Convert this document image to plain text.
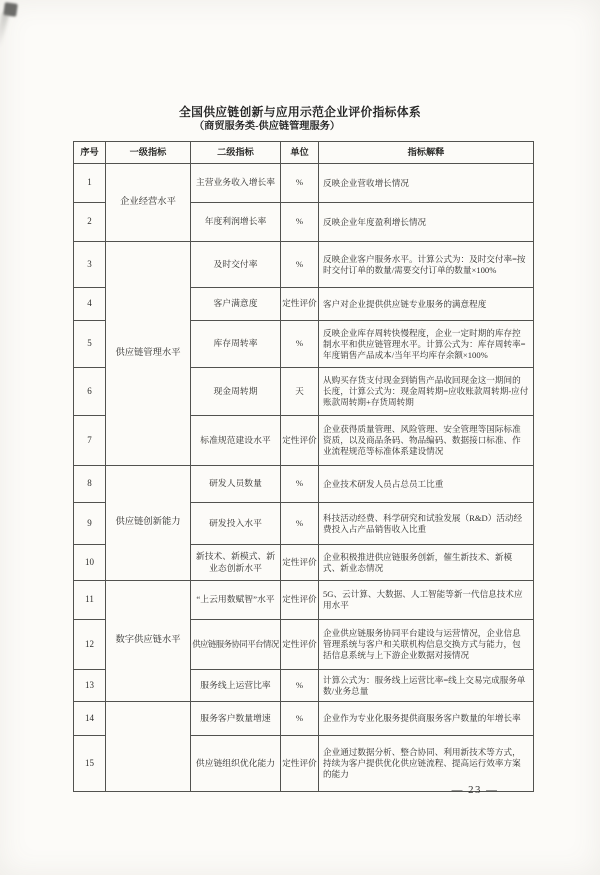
全国供应链创新与应用示范企业评价指标体系
（商贸服务类-供应链管理服务）
序号	一级指标	二级指标	单位	指标解释
1	企业经营水平	主营业务收入增长率	%	反映企业营收增长情况
2		年度利润增长率	%	反映企业年度盈利增长情况
3	供应链管理水平	及时交付率	%	反映企业客户服务水平。计算公式为：及时交付率=按时交付订单的数量/需要交付订单的数量×100%
4		客户满意度	定性评价	客户对企业提供供应链专业服务的满意程度
5		库存周转率	%	反映企业库存周转快慢程度，企业一定时期的库存控制水平和供应链管理水平。计算公式为：库存周转率=年度销售产品成本/当年平均库存余额×100%
6		现金周转期	天	从购买存货支付现金到销售产品收回现金这一期间的长度，计算公式为：现金周转期=应收账款周转期-应付账款周转期+存货周转期
7		标准规范建设水平	定性评价	企业获得质量管理、风险管理、安全管理等国际标准资质，以及商品条码、物品编码、数据接口标准、作业流程规范等标准体系建设情况
8	供应链创新能力	研发人员数量	%	企业技术研发人员占总员工比重
9		研发投入水平	%	科技活动经费、科学研究和试验发展（R&D）活动经费投入占产品销售收入比重
10		新技术、新模式、新业态创新水平	定性评价	企业积极推进供应链服务创新，催生新技术、新模式、新业态情况
11	数字供应链水平	“上云用数赋智”水平	定性评价	5G、云计算、大数据、人工智能等新一代信息技术应用水平
12		供应链服务协同平台情况	定性评价	企业供应链服务协同平台建设与运营情况，企业信息管理系统与客户和关联机构信息交换方式与能力，包括信息系统与上下游企业数据对接情况
13		服务线上运营比率	%	计算公式为：服务线上运营比率=线上交易完成服务单数/业务总量
14		服务客户数量增速	%	企业作为专业化服务提供商服务客户数量的年增长率
15		供应链组织优化能力	定性评价	企业通过数据分析、整合协同、利用新技术等方式，持续为客户提供优化供应链流程、提高运行效率方案的能力
— 23 —
